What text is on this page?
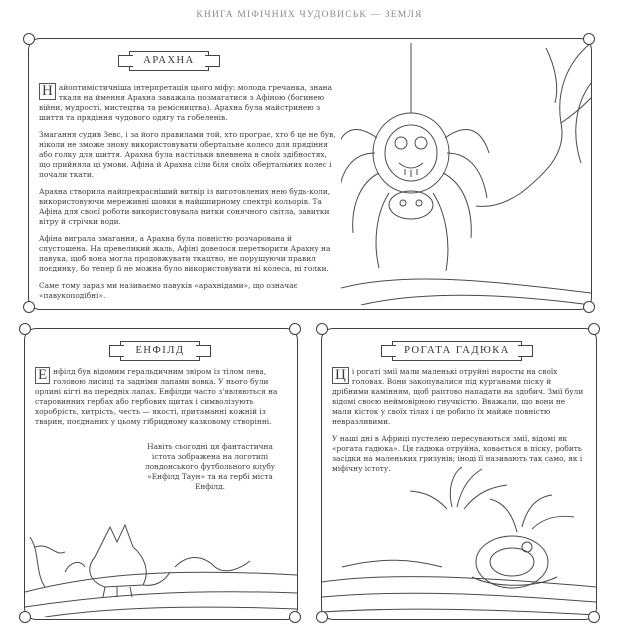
КНИГА МІФІЧНИХ ЧУДОВИСЬК — ЗЕМЛЯ
АРАХНА

Н айоптимістичніша інтерпретація цього міфу: молода гречанка, знана ткаля на ймення Арахна заважала позмагатися з Афіною (богинею війни, мудрості, мистецтва та ремісництва). Арахна була майстринею з шиття та прядіння чудового одягу та гобеленів.

Змагання судив Зевс, і за його правилами той, хто програє, хто б це не був, ніколи не зможе знову використовувати обертальне колесо для прядіння або голку для шиття. Арахна була настільки впевнена в своїх здібностях, що прийняла ці умови. Афіна й Арахна сіли біля своїх обертальних колес і почали ткати.

Арахна створила найпрекрасніший витвір із виготовлених нею будь-коли, використовуючи мереживні шовки в найшпирному спектрі кольорів. Та Афіна для своєї роботи використовувала нитки сонячного світла, завитки вітру й стрічки води.

Афіна виграла змагання, а Арахна була повністю розчарована й спустошена. На превеликий жаль, Афіні довелося перетворити Арахну на павука, щоб вона могла продовжувати ткацтво, не порушуючи правил поєдинку, бо тепер її не можна було використовувати ні колеса, ні голки.

Саме тому зараз ми називаємо павуків «арахнідами», що означає «павукоподібні».

ЕНФІЛД

Е нфілд був відомим геральдичним звіром із тілом лева, головою лисиці та задніми лапами вовка. У нього були орлині кігті на передніх лапах. Енфілди часто з'являються на старовинних гербах або гербових щитах і символізують хоробрість, хитрість, честь — якості, притаманні кожній із тварин, поєднаних у цьому гібридному казковому створінні.

Навіть сьогодні ця фантастична істота зображена на логотипі лондонського футбольного клубу «Енфілд Таун» та на гербі міста Енфілд.

РОГАТА ГАДЮКА

Ц і рогаті змії мали маленькі отруйні наросты на своїх головах. Вони закопувалися під курганами піску й дрібними камінням, щоб раптово нападати на здобич. Змії були відомі своєю неймовірною гнучкістю. Вважали, що вони не мали кісток у своїх тілах і це робило їх майже повністю невразливими.

У наші дні в Африці пустелею пересуваються змії, відомі як «рогата гадюка». Ця гадюка отруйна, ховається в піску, робить засідки на маленьких гризунів; іноді її називають так само, як і міфічну істоту.
